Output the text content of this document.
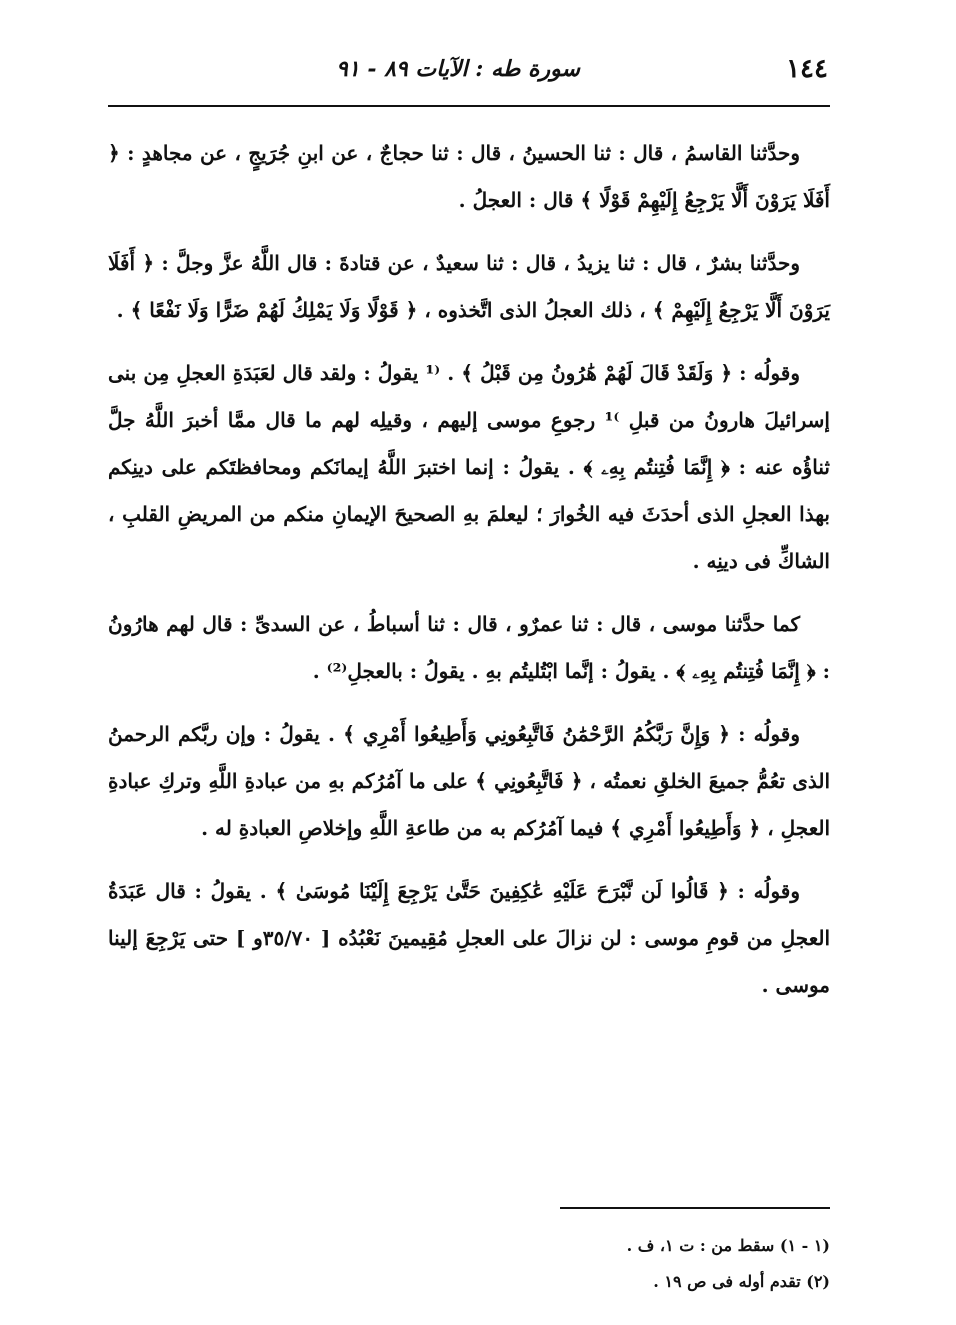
١٤٤
سورة طه : الآيات ٨٩ - ٩١

وحدَّثنا القاسمُ ، قال : ثنا الحسينُ ، قال : ثنا حجاجٌ ، عن ابنِ جُرَيجٍ ، عن مجاهدٍ : ﴿ أَفَلَا يَرَوْنَ أَلَّا يَرْجِعُ إِلَيْهِمْ قَوْلًا ﴾ قال : العجلُ .

وحدَّثنا بشرٌ ، قال : ثنا يزيدُ ، قال : ثنا سعيدٌ ، عن قتادةَ : قال اللَّهُ عزَّ وجلَّ : ﴿ أَفَلَا يَرَوْنَ أَلَّا يَرْجِعُ إِلَيْهِمْ ﴾ ، ذلك العجلُ الذى اتَّخذوه ، ﴿ قَوْلًا وَلَا يَمْلِكُ لَهُمْ ضَرًّا وَلَا نَفْعًا ﴾ .

وقولُه : ﴿ وَلَقَدْ قَالَ لَهُمْ هَٰرُونُ مِن قَبْلُ ﴾ . ⁽¹ يقولُ : ولقد قال لعَبَدَةِ العجلِ مِن بنى إسرائيلَ هارونُ من قبلِ ⁾¹ رجوعِ موسى إليهم ، وقيلِه لهم ما قال ممَّا أخبرَ اللَّهُ جلَّ ثناؤُه عنه : ﴿ إِنَّمَا فُتِنتُم بِهِۦ ﴾ . يقولُ : إنما اختبرَ اللَّهُ إيمانَكم ومحافظتَكم على دينِكم بهذا العجلِ الذى أحدَثَ فيه الخُوارَ ؛ ليعلمَ بهِ الصحيحَ الإيمانِ منكم من المريضِ القلبِ ، الشاكِّ فى دينِه .

كما حدَّثنا موسى ، قال : ثنا عمرٌو ، قال : ثنا أسباطُ ، عن السدىِّ : قال لهم هارُونُ : ﴿ إِنَّمَا فُتِنتُم بِهِۦ ﴾ . يقولُ : إنَّما ابْتُليتُم بهِ . يقولُ : بالعجلِ⁽²⁾ .

وقولُه : ﴿ وَإِنَّ رَبَّكُمُ الرَّحْمَٰنُ فَاتَّبِعُونِي وَأَطِيعُوا أَمْرِي ﴾ . يقولُ : وإن ربَّكم الرحمنُ الذى تعُمُّ جميعَ الخلقِ نعمتُه ، ﴿ فَاتَّبِعُونِي ﴾ على ما آمُرُكم بهِ من عبادةِ اللَّهِ وتركِ عبادةِ العجلِ ، ﴿ وَأَطِيعُوا أَمْرِي ﴾ فيما آمُرُكم به من طاعةِ اللَّهِ وإخلاصِ العبادةِ له .

وقولُه : ﴿ قَالُوا لَن نَّبْرَحَ عَلَيْهِ عَٰكِفِينَ حَتَّىٰ يَرْجِعَ إِلَيْنَا مُوسَىٰ ﴾ . يقولُ : قال عَبَدَةُ العجلِ من قومِ موسى : لن نزالَ على العجلِ مُقِيمينَ نَعْبُدُه [ ٣٥/٧٠و ] حتى يَرْجِعَ إلينا موسى .

(١ - ١) سقط من : ت ١، ف .

(٢) تقدم أوله فى ص ١٩ .
